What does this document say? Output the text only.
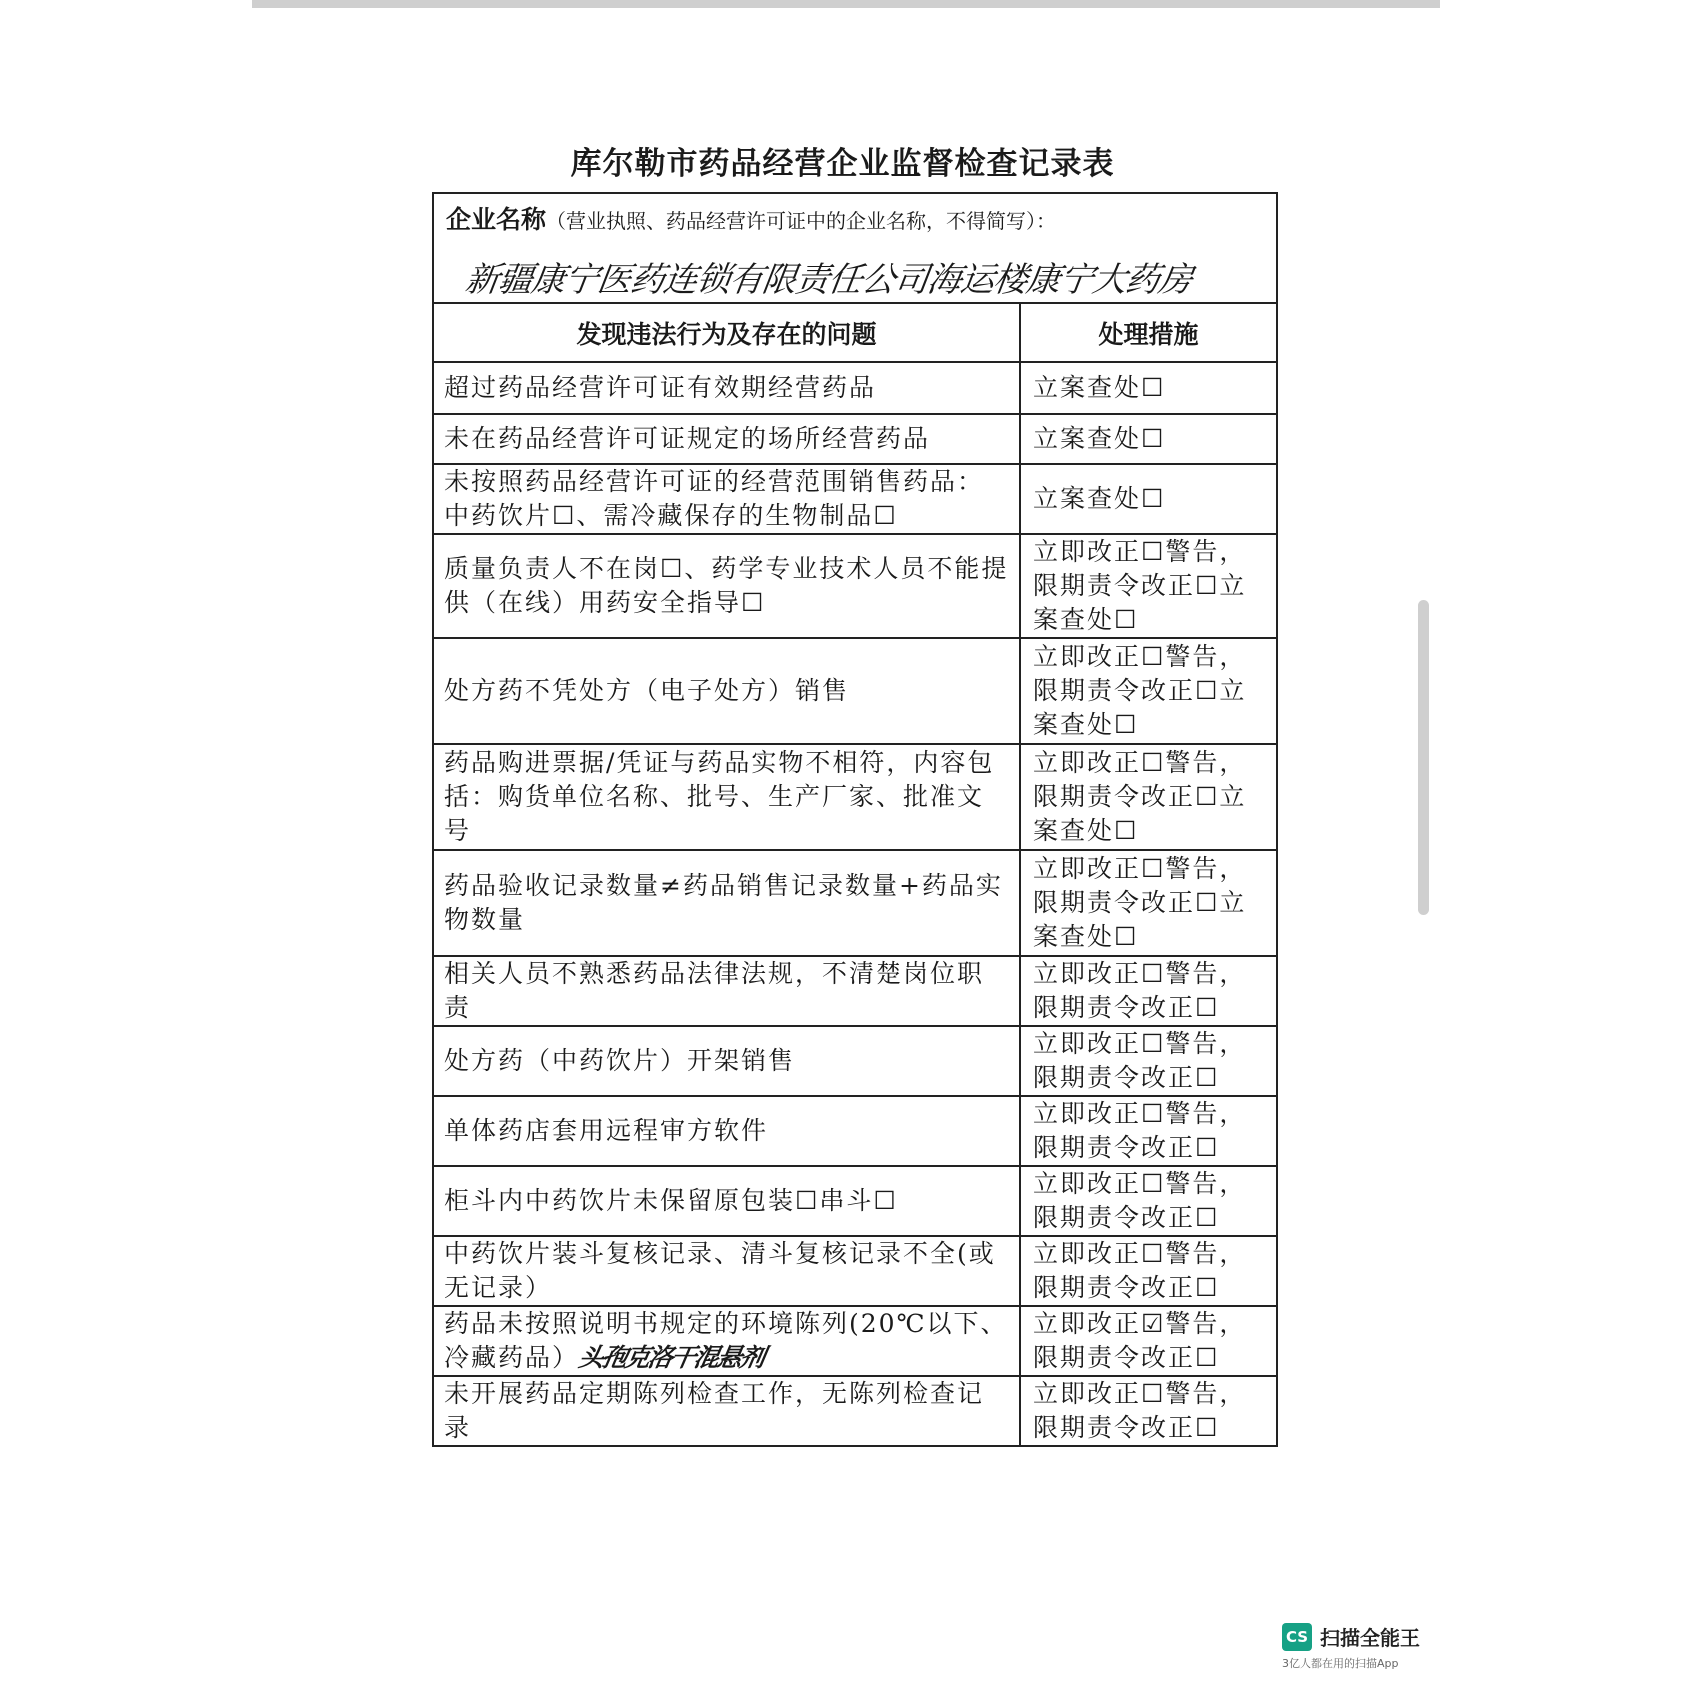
库尔勒市药品经营企业监督检查记录表
企业名称（营业执照、药品经营许可证中的企业名称，不得简写）：
新疆康宁医药连锁有限责任公司海运楼康宁大药房
发现违法行为及存在的问题	处理措施
超过药品经营许可证有效期经营药品	立案查处☐
未在药品经营许可证规定的场所经营药品	立案查处☐
未按照药品经营许可证的经营范围销售药品：中药饮片☐、需冷藏保存的生物制品☐	立案查处☐
质量负责人不在岗☐、药学专业技术人员不能提供（在线）用药安全指导☐	立即改正☐警告，限期责令改正☐立案查处☐
处方药不凭处方（电子处方）销售	立即改正☐警告，限期责令改正☐立案查处☐
药品购进票据/凭证与药品实物不相符，内容包括：购货单位名称、批号、生产厂家、批准文号	立即改正☐警告，限期责令改正☐立案查处☐
药品验收记录数量≠药品销售记录数量+药品实物数量	立即改正☐警告，限期责令改正☐立案查处☐
相关人员不熟悉药品法律法规，不清楚岗位职责	立即改正☐警告，限期责令改正☐
处方药（中药饮片）开架销售	立即改正☐警告，限期责令改正☐
单体药店套用远程审方软件	立即改正☐警告，限期责令改正☐
柜斗内中药饮片未保留原包装☐串斗☐	立即改正☐警告，限期责令改正☐
中药饮片装斗复核记录、清斗复核记录不全(或无记录）	立即改正☐警告，限期责令改正☐
药品未按照说明书规定的环境陈列(20℃以下、冷藏药品）头孢克洛干混悬剂	立即改正☑警告，限期责令改正☐
未开展药品定期陈列检查工作，无陈列检查记录	立即改正☐警告，限期责令改正☐
CS 扫描全能王
3亿人都在用的扫描App
